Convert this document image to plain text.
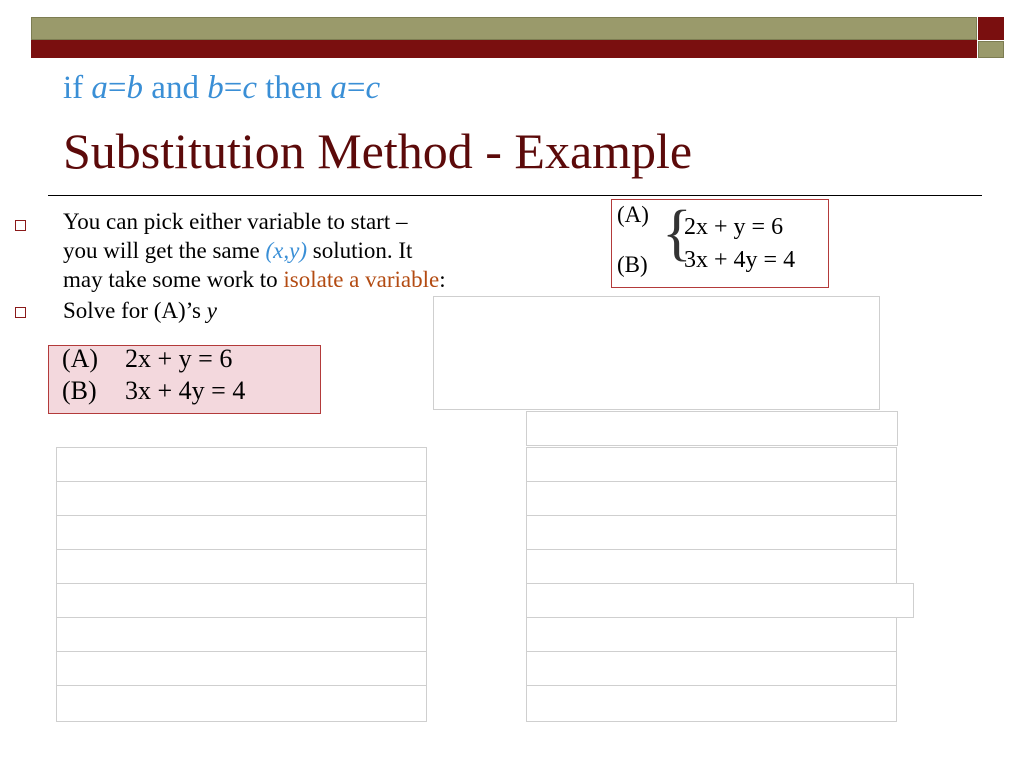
if a=b and b=c then a=c
Substitution Method - Example
You can pick either variable to start –
you will get the same (x,y) solution. It
may take some work to isolate a variable:
Solve for (A)’s y
(A)
(B) {
2x + y = 6
3x + 4y = 4
(A) 2x + y = 6
(B) 3x + 4y = 4
